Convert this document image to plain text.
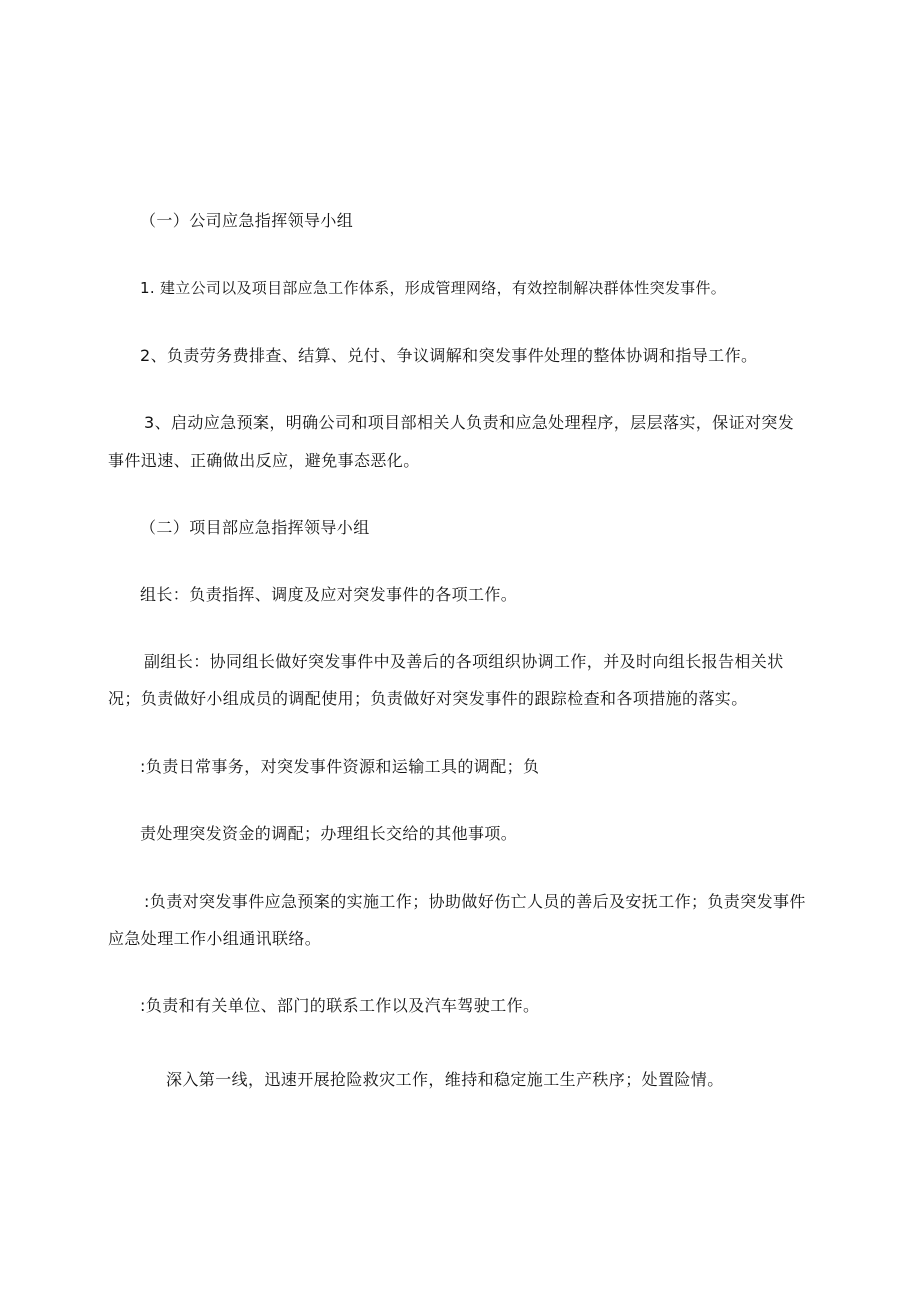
（一）公司应急指挥领导小组
1. 建立公司以及项目部应急工作体系，形成管理网络，有效控制解决群体性突发事件。
2、负责劳务费排查、结算、兑付、争议调解和突发事件处理的整体协调和指导工作。
3、启动应急预案，明确公司和项目部相关人负责和应急处理程序，层层落实，保证对突发
事件迅速、正确做出反应，避免事态恶化。
（二）项目部应急指挥领导小组
组长：负责指挥、调度及应对突发事件的各项工作。
副组长：协同组长做好突发事件中及善后的各项组织协调工作，并及时向组长报告相关状
况；负责做好小组成员的调配使用；负责做好对突发事件的跟踪检查和各项措施的落实。
:负责日常事务，对突发事件资源和运输工具的调配；负
责处理突发资金的调配；办理组长交给的其他事项。
:负责对突发事件应急预案的实施工作；协助做好伤亡人员的善后及安抚工作；负责突发事件
应急处理工作小组通讯联络。
:负责和有关单位、部门的联系工作以及汽车驾驶工作。
深入第一线，迅速开展抢险救灾工作，维持和稳定施工生产秩序；处置险情。
